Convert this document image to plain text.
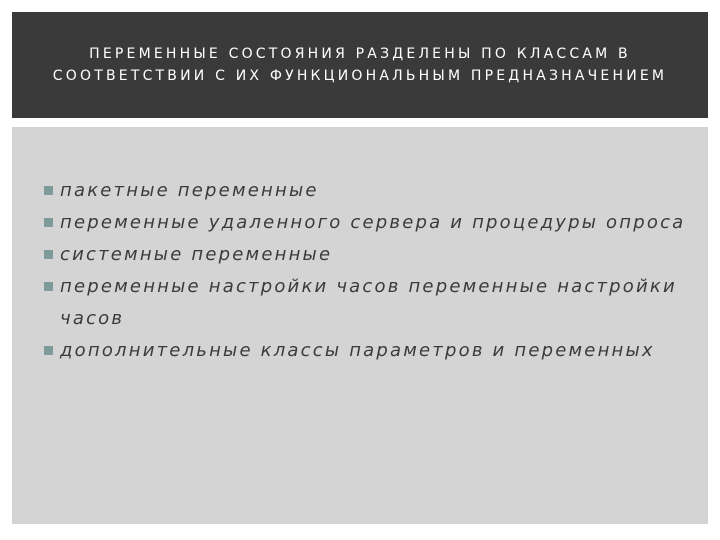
ПЕРЕМЕННЫЕ СОСТОЯНИЯ РАЗДЕЛЕНЫ ПО КЛАССАМ В СООТВЕТСТВИИ С ИХ ФУНКЦИОНАЛЬНЫМ ПРЕДНАЗНАЧЕНИЕМ
пакетные переменные
переменные удаленного сервера и процедуры опроса
системные переменные
переменные настройки часов переменные настройки часов
дополнительные классы параметров и переменных
